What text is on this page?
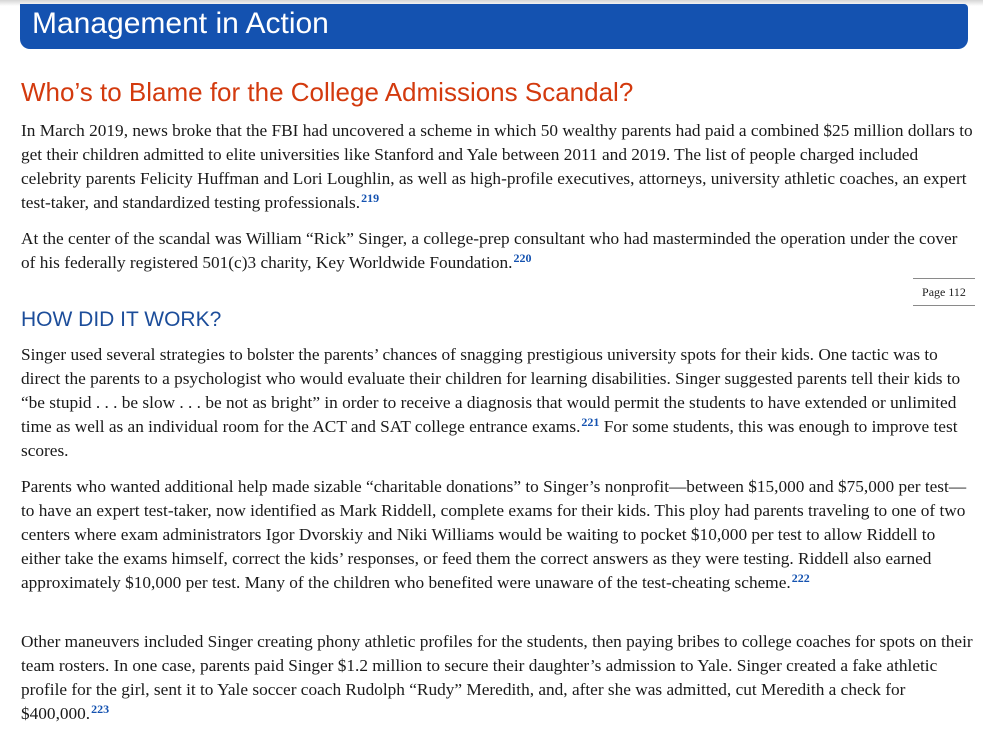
Management in Action
Who’s to Blame for the College Admissions Scandal?

In March 2019, news broke that the FBI had uncovered a scheme in which 50 wealthy parents had paid a combined $25 million dollars to get their children admitted to elite universities like Stanford and Yale between 2011 and 2019. The list of people charged included celebrity parents Felicity Huffman and Lori Loughlin, as well as high-profile executives, attorneys, university athletic coaches, an expert test-taker, and standardized testing professionals.$^{219}$

At the center of the scandal was William “Rick” Singer, a college-prep consultant who had masterminded the operation under the cover of his federally registered 501(c)3 charity, Key Worldwide Foundation.$^{220}$

Page 112
HOW DID IT WORK?

Singer used several strategies to bolster the parents’ chances of snagging prestigious university spots for their kids. One tactic was to direct the parents to a psychologist who would evaluate their children for learning disabilities. Singer suggested parents tell their kids to “be stupid . . . be slow . . . be not as bright” in order to receive a diagnosis that would permit the students to have extended or unlimited time as well as an individual room for the ACT and SAT college entrance exams.$^{221}$ For some students, this was enough to improve test scores.

Parents who wanted additional help made sizable “charitable donations” to Singer’s nonprofit—between $15,000 and $75,000 per test—to have an expert test-taker, now identified as Mark Riddell, complete exams for their kids. This ploy had parents traveling to one of two centers where exam administrators Igor Dvorskiy and Niki Williams would be waiting to pocket $10,000 per test to allow Riddell to either take the exams himself, correct the kids’ responses, or feed them the correct answers as they were testing. Riddell also earned approximately $10,000 per test. Many of the children who benefited were unaware of the test-cheating scheme.$^{222}$

Other maneuvers included Singer creating phony athletic profiles for the students, then paying bribes to college coaches for spots on their team rosters. In one case, parents paid Singer $1.2 million to secure their daughter’s admission to Yale. Singer created a fake athletic profile for the girl, sent it to Yale soccer coach Rudolph “Rudy” Meredith, and, after she was admitted, cut Meredith a check for $400,000.$^{223}$
